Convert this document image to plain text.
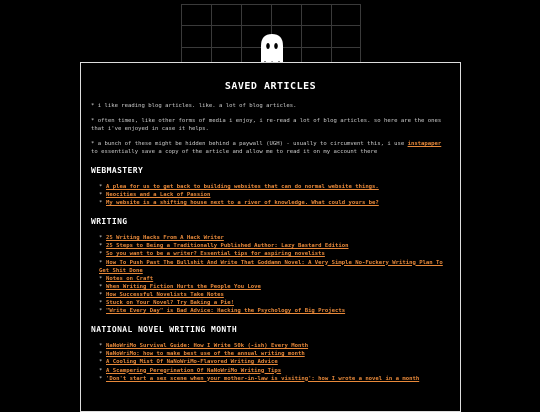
SAVED ARTICLES

* i like reading blog articles. like. a lot of blog articles.

* often times, like other forms of media i enjoy, i re-read a lot of blog articles. so here are the ones that i've enjoyed in case it helps.

* a bunch of these might be hidden behind a paywall (UGH) - usually to circumvent this, i use instapaper to essentially save a copy of the article and allow me to read it on my account there

WEBMASTERY
* A plea for us to get back to building websites that can do normal website things.
* Neocities and a Lack of Passion
* My website is a shifting house next to a river of knowledge. What could yours be?
WRITING
* 25 Writing Hacks From A Hack Writer
* 25 Steps to Being a Traditionally Published Author: Lazy Bastard Edition
* So you want to be a writer? Essential tips for aspiring novelists
* How To Push Past The Bullshit And Write That Goddamn Novel: A Very Simple No-Fuckery Writing Plan To Get Shit Done
* Notes on Craft
* When Writing Fiction Hurts the People You Love
* How Successful Novelists Take Notes
* Stuck on Your Novel? Try Baking a Pie!
* "Write Every Day" is Bad Advice: Hacking the Psychology of Big Projects
NATIONAL NOVEL WRITING MONTH
* NaNoWriMo Survival Guide: How I Write 50k (-ish) Every Month
* NaNoWriMo: how to make best use of the annual writing month
* A Cooling Mist Of NaNoWriMo-Flavored Writing Advice
* A Scampering Peregrination Of NaNoWriMo Writing Tips
* 'Don't start a sex scene when your mother-in-law is visiting': how I wrote a novel in a month
